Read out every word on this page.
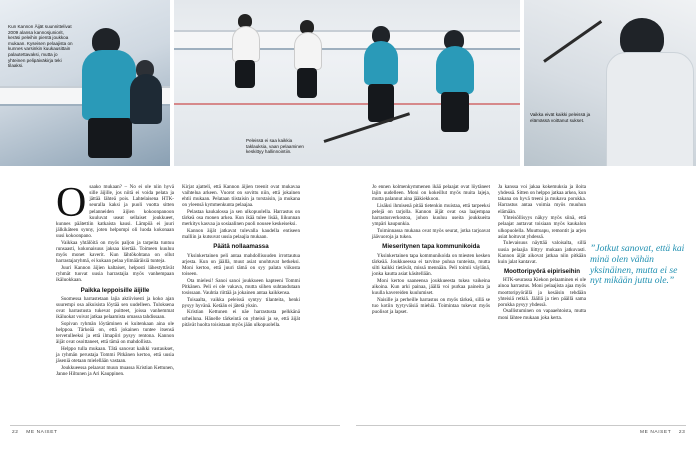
Kun Kannon Äijät suunnittelivat 2009 alansa kannosjuniorit, keräsi peleihin pientä joukkoa mukaan. Kyseisen pelaajista on kunnes varsinkin kuukausittain palautettavaksi, mutta jo yhteinen pelipäiväkirja teki tilaaksi.
Peleissä ei saa kaikkia taklauksia, vaan pelaaminen keskittyy hallinnointiin.
Vaikka eivät kaikki peleissä ja elämässä voittanut sukset.
O saako mukaan? – No ei ole niin hyvä sille äijille, jos niitä ei voida pelata ja jättää lähteä pois. Lahtelaisena HTK-seuralla kaksi ja puoli vuotta sitten pelanneiden äijien kokoonpanoon kuuluvat useat sellaiset joukkueet, kunnes päätettiin katkaista kausi. Lämpöä ei juuri jälkikäteen synny, joten helpompi oli luoda kokonaan uusi kokoonpano.

Vaikkaa yhtälöitä on myös paljon ja tarpeita tuntuu runsaasti, kokonaisuus jaksaa kiertää. Toimeen kuuluu myös monet kaverit. Kun lähtökohtana on ollut harrastajaryhmä, ei kukaan pelaa ylimääräisiä tunteja.

Juuri Kannon äijien kaltaiset, helposti lähestyttävät ryhmät tuovat uusia harrastajia myös vanhempaan ikäluokkaan.

Paikka leppoisille äijille

Suomessa harrastetaan lajia aktiivisesti ja koko ajan suurempi osa aikuisista löytää sen uudelleen. Tuloksena ovat harrastusta tukevat puitteet, joissa vanhemmat ikäluokat voivat jatkaa pelaamista omassa tahdissaan.

Sopivan ryhmän löytäminen ei kuitenkaan aina ole helppoa. Tärkeää on, että jokainen tuntee itsensä tervetulleeksi ja että ilmapiiri pysyy rentona. Kannon äijät ovat osoittaneet, että tämä on mahdollista.

Helppo tulla mukaan. Tätä sanovat kaikki vastaukset, ja ryhmän perustaja Tommi Pitkänen kertoo, että uusia jäseniä otetaan mielellään vastaan.

Joukkueessa pelaavat muun muassa Kristian Kettunen, Janne Hiltunen ja Ari Kauppinen.

Kirjat ajatteli, että Kannon äijien treenit ovat mukavaa vaihtelua arkeen. Vuorot on sovittu niin, että jokainen ehtii mukaan. Pelataan tiistaisin ja torstaisin, ja mukana on yleensä kymmenkunta pelaajaa.

Pelastaa kaukalossa ja sen ulkopuolella. Harrastus on tärkeä osa monen arkea. Kun ikää tulee lisää, liikunnan merkitys kasvaa ja sosiaalinen puoli nousee keskeiseksi.

Kannon äijät jatkavat tulevalla kaudella entiseen malliin ja kutsuvat uusia pelaajia mukaan.

Päätä nollaamassa

Yksinkertainen peli antaa mahdollisuuden irrottautua arjesta. Kun on jäällä, muut asiat unohtuvat hetkeksi. Moni kertoo, että juuri tämä on syy palata viikosta toiseen.

Ota mielesi! Sanoi sanoi joukkueen kapteeni Tommi Pitkänen. Peli ei ole vakava, mutta siihen suhtaudutaan tosissaan. Vauhtia riittää ja jokainen antaa kaikkensa.

Toisaalta, vaikka peleissä syntyy tilanteita, henki pysyy hyvänä. Ketään ei jätetä yksin.

Kristian Kettunen ei näe harrastusta pelkkänä urheiluna. Hänelle tärkeintä on yhteisö ja se, että äijät pitävät huolta toisistaan myös jään ulkopuolella.

Jo ennen kolmenkymmenen ikää pelaajat ovat löytäneet lajin uudelleen. Moni on kokeillut myös muita lajeja, mutta palannut aina jääkiekkoon.

Lisäksi ihmisenä pitää tietenkin muistaa, että tarpeeksi pelejä on tarjolla. Kannon äijät ovat osa laajempaa harrastusverkostoa, johon kuuluu useita joukkueita ympäri kaupunkia.

Toiminnassa mukana ovat myös seurat, jotka tarjoavat jäävuoroja ja tukea.

Mieseritynen tapa kommunikoida

Yksinkertainen tapa kommunikoida on miesten kesken tärkeää. Joukkueessa ei tarvitse puhua tunteista, mutta silti kaikki tietävät, missä mennään. Peli toimii väylänä, jonka kautta asiat käsitellään.

Moni kertoo saaneensa joukkueesta tukea vaikeina aikoina. Kun arki painaa, jäällä voi purkaa paineita ja kuulla kavereiden kuulumiset.

Naisille ja perheille harrastus on myös tärkeä, sillä se tuo kotiin tyytyväisiä miehiä. Toimintaa tukevat myös puolisot ja lapset.

Ja kanssa voi jakaa kokemuksia ja iloita yhdessä. Sitten on helppo jatkaa arkea, kun takana on hyvä treeni ja mukava porukka. Harrastus antaa voimia myös muuhun elämään.

Yhteisöllisyys näkyy myös siinä, että pelaajat auttavat toisiaan myös kaukalon ulkopuolella. Muuttoapu, remontit ja arjen asiat hoituvat yhdessä.

Tulevaisuus näyttää valoisalta, sillä uusia pelaajia liittyy mukaan jatkuvasti. Kannon äijät aikovat jatkaa niin pitkään kuin jalat kantavat.

Moottoripyörä eipiriseihin

HTK-seurassa Kiekon pelaaminen ei ole ainoa harrastus. Moni pelaajista ajaa myös moottoripyörällä ja kesäisin tehdään yhteisiä retkiä. Jäällä ja tien päällä sama porukka pysyy yhdessä.

Osallistuminen on vapaaehtoista, mutta moni lähtee mukaan joka kerta.

”Jotkut sanovat, että kai minä olen vähän yksinäinen, mutta ei se nyt mikään juttu ole.”
22 ME NAISET	ME NAISET 23
